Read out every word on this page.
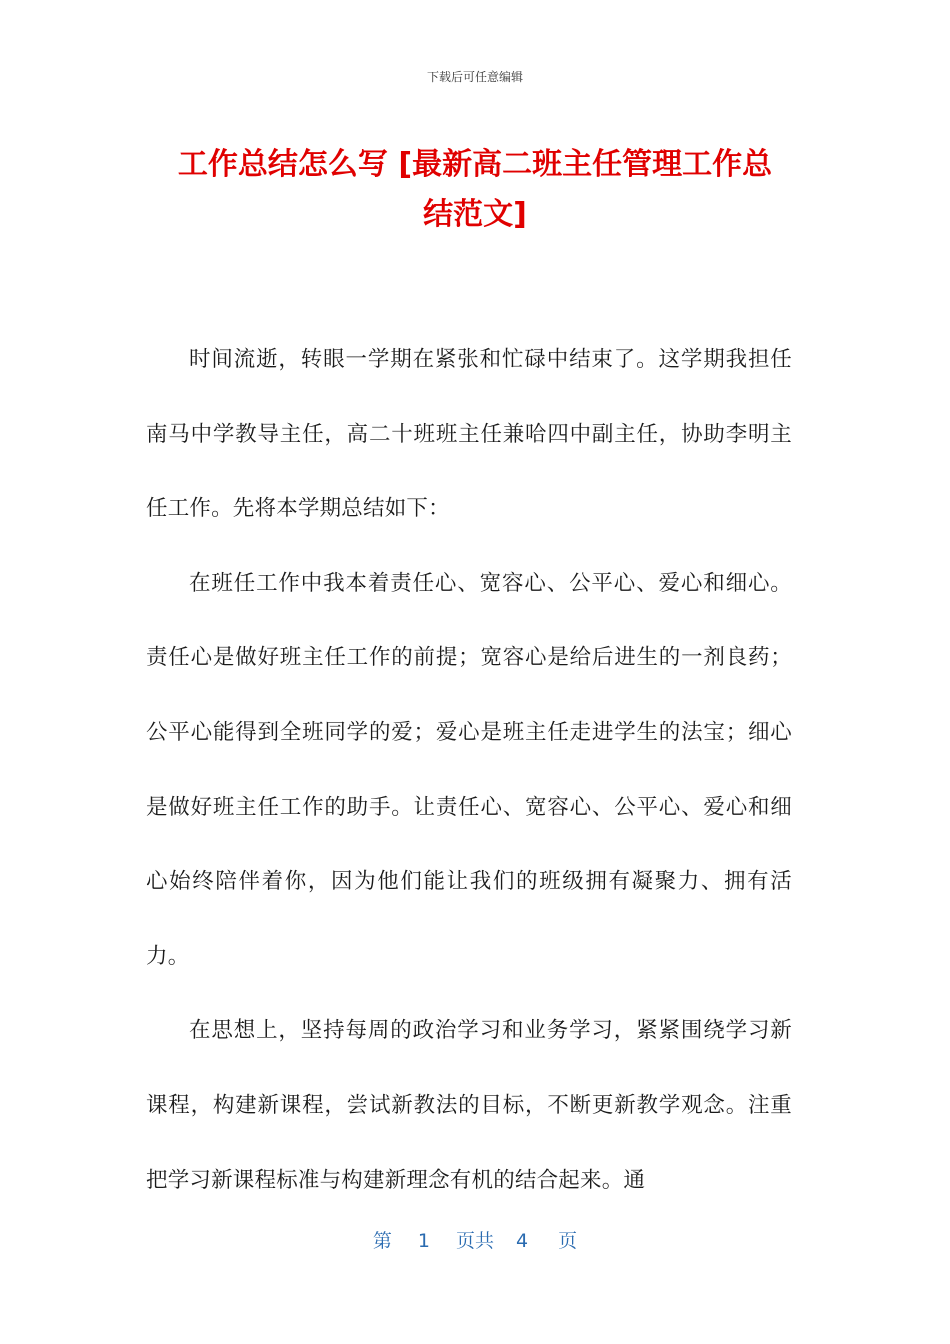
下载后可任意编辑
工作总结怎么写 [最新高二班主任管理工作总
结范文]

时间流逝，转眼一学期在紧张和忙碌中结束了。这学期我担任南马中学教导主任，高二十班班主任兼哈四中副主任，协助李明主任工作。先将本学期总结如下：

在班任工作中我本着责任心、宽容心、公平心、爱心和细心。责任心是做好班主任工作的前提；宽容心是给后进生的一剂良药；公平心能得到全班同学的爱；爱心是班主任走进学生的法宝；细心是做好班主任工作的助手。让责任心、宽容心、公平心、爱心和细心始终陪伴着你，因为他们能让我们的班级拥有凝聚力、拥有活力。

在思想上，坚持每周的政治学习和业务学习，紧紧围绕学习新课程，构建新课程，尝试新教法的目标，不断更新教学观念。注重把学习新课程标准与构建新理念有机的结合起来。通

第 1 页共 4 页
